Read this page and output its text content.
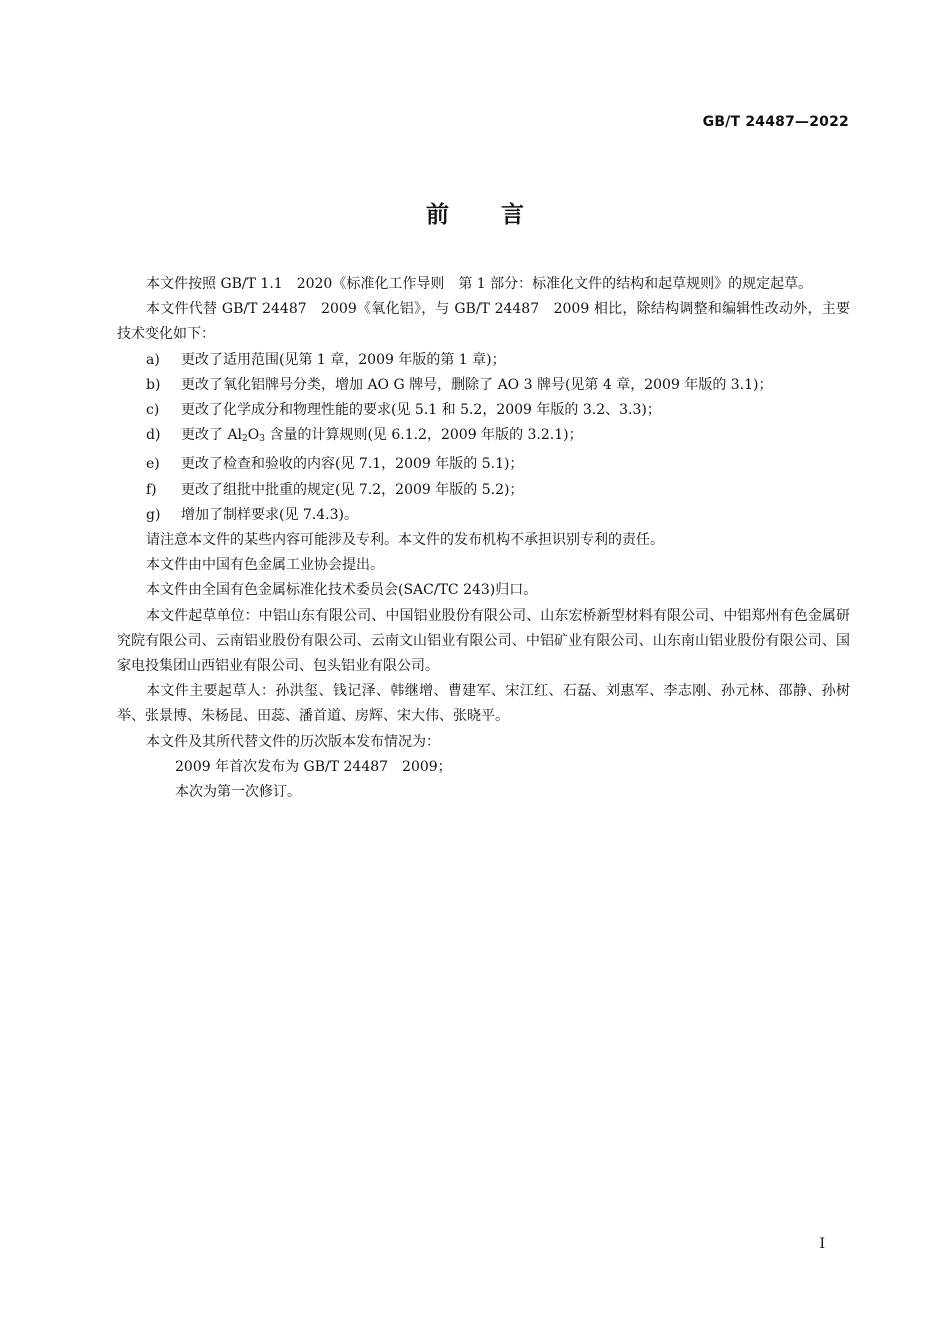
GB/T 24487—2022
前言

本文件按照 GB/T 1.1　2020《标准化工作导则　第 1 部分：标准化文件的结构和起草规则》的规定起草。

本文件代替 GB/T 24487　2009《氧化铝》，与 GB/T 24487　2009 相比，除结构调整和编辑性改动外，主要技术变化如下：

a)	更改了适用范围(见第 1 章，2009 年版的第 1 章)；
b)	更改了氧化铝牌号分类，增加 AO G 牌号，删除了 AO 3 牌号(见第 4 章，2009 年版的 3.1)；
c)	更改了化学成分和物理性能的要求(见 5.1 和 5.2，2009 年版的 3.2、3.3)；
d)	更改了 $Al_2O_3$ 含量的计算规则(见 6.1.2，2009 年版的 3.2.1)；
e)	更改了检查和验收的内容(见 7.1，2009 年版的 5.1)；
f)	更改了组批中批重的规定(见 7.2，2009 年版的 5.2)；
g)	增加了制样要求(见 7.4.3)。

请注意本文件的某些内容可能涉及专利。本文件的发布机构不承担识别专利的责任。

本文件由中国有色金属工业协会提出。

本文件由全国有色金属标准化技术委员会(SAC/TC 243)归口。

本文件起草单位：中铝山东有限公司、中国铝业股份有限公司、山东宏桥新型材料有限公司、中铝郑州有色金属研究院有限公司、云南铝业股份有限公司、云南文山铝业有限公司、中铝矿业有限公司、山东南山铝业股份有限公司、国家电投集团山西铝业有限公司、包头铝业有限公司。

本文件主要起草人：孙洪玺、钱记泽、韩继增、曹建军、宋江红、石磊、刘惠军、李志刚、孙元林、邵静、孙树举、张景博、朱杨昆、田蕊、潘首道、房辉、宋大伟、张晓平。

本文件及其所代替文件的历次版本发布情况为：

2009 年首次发布为 GB/T 24487　2009；

本次为第一次修订。

I
